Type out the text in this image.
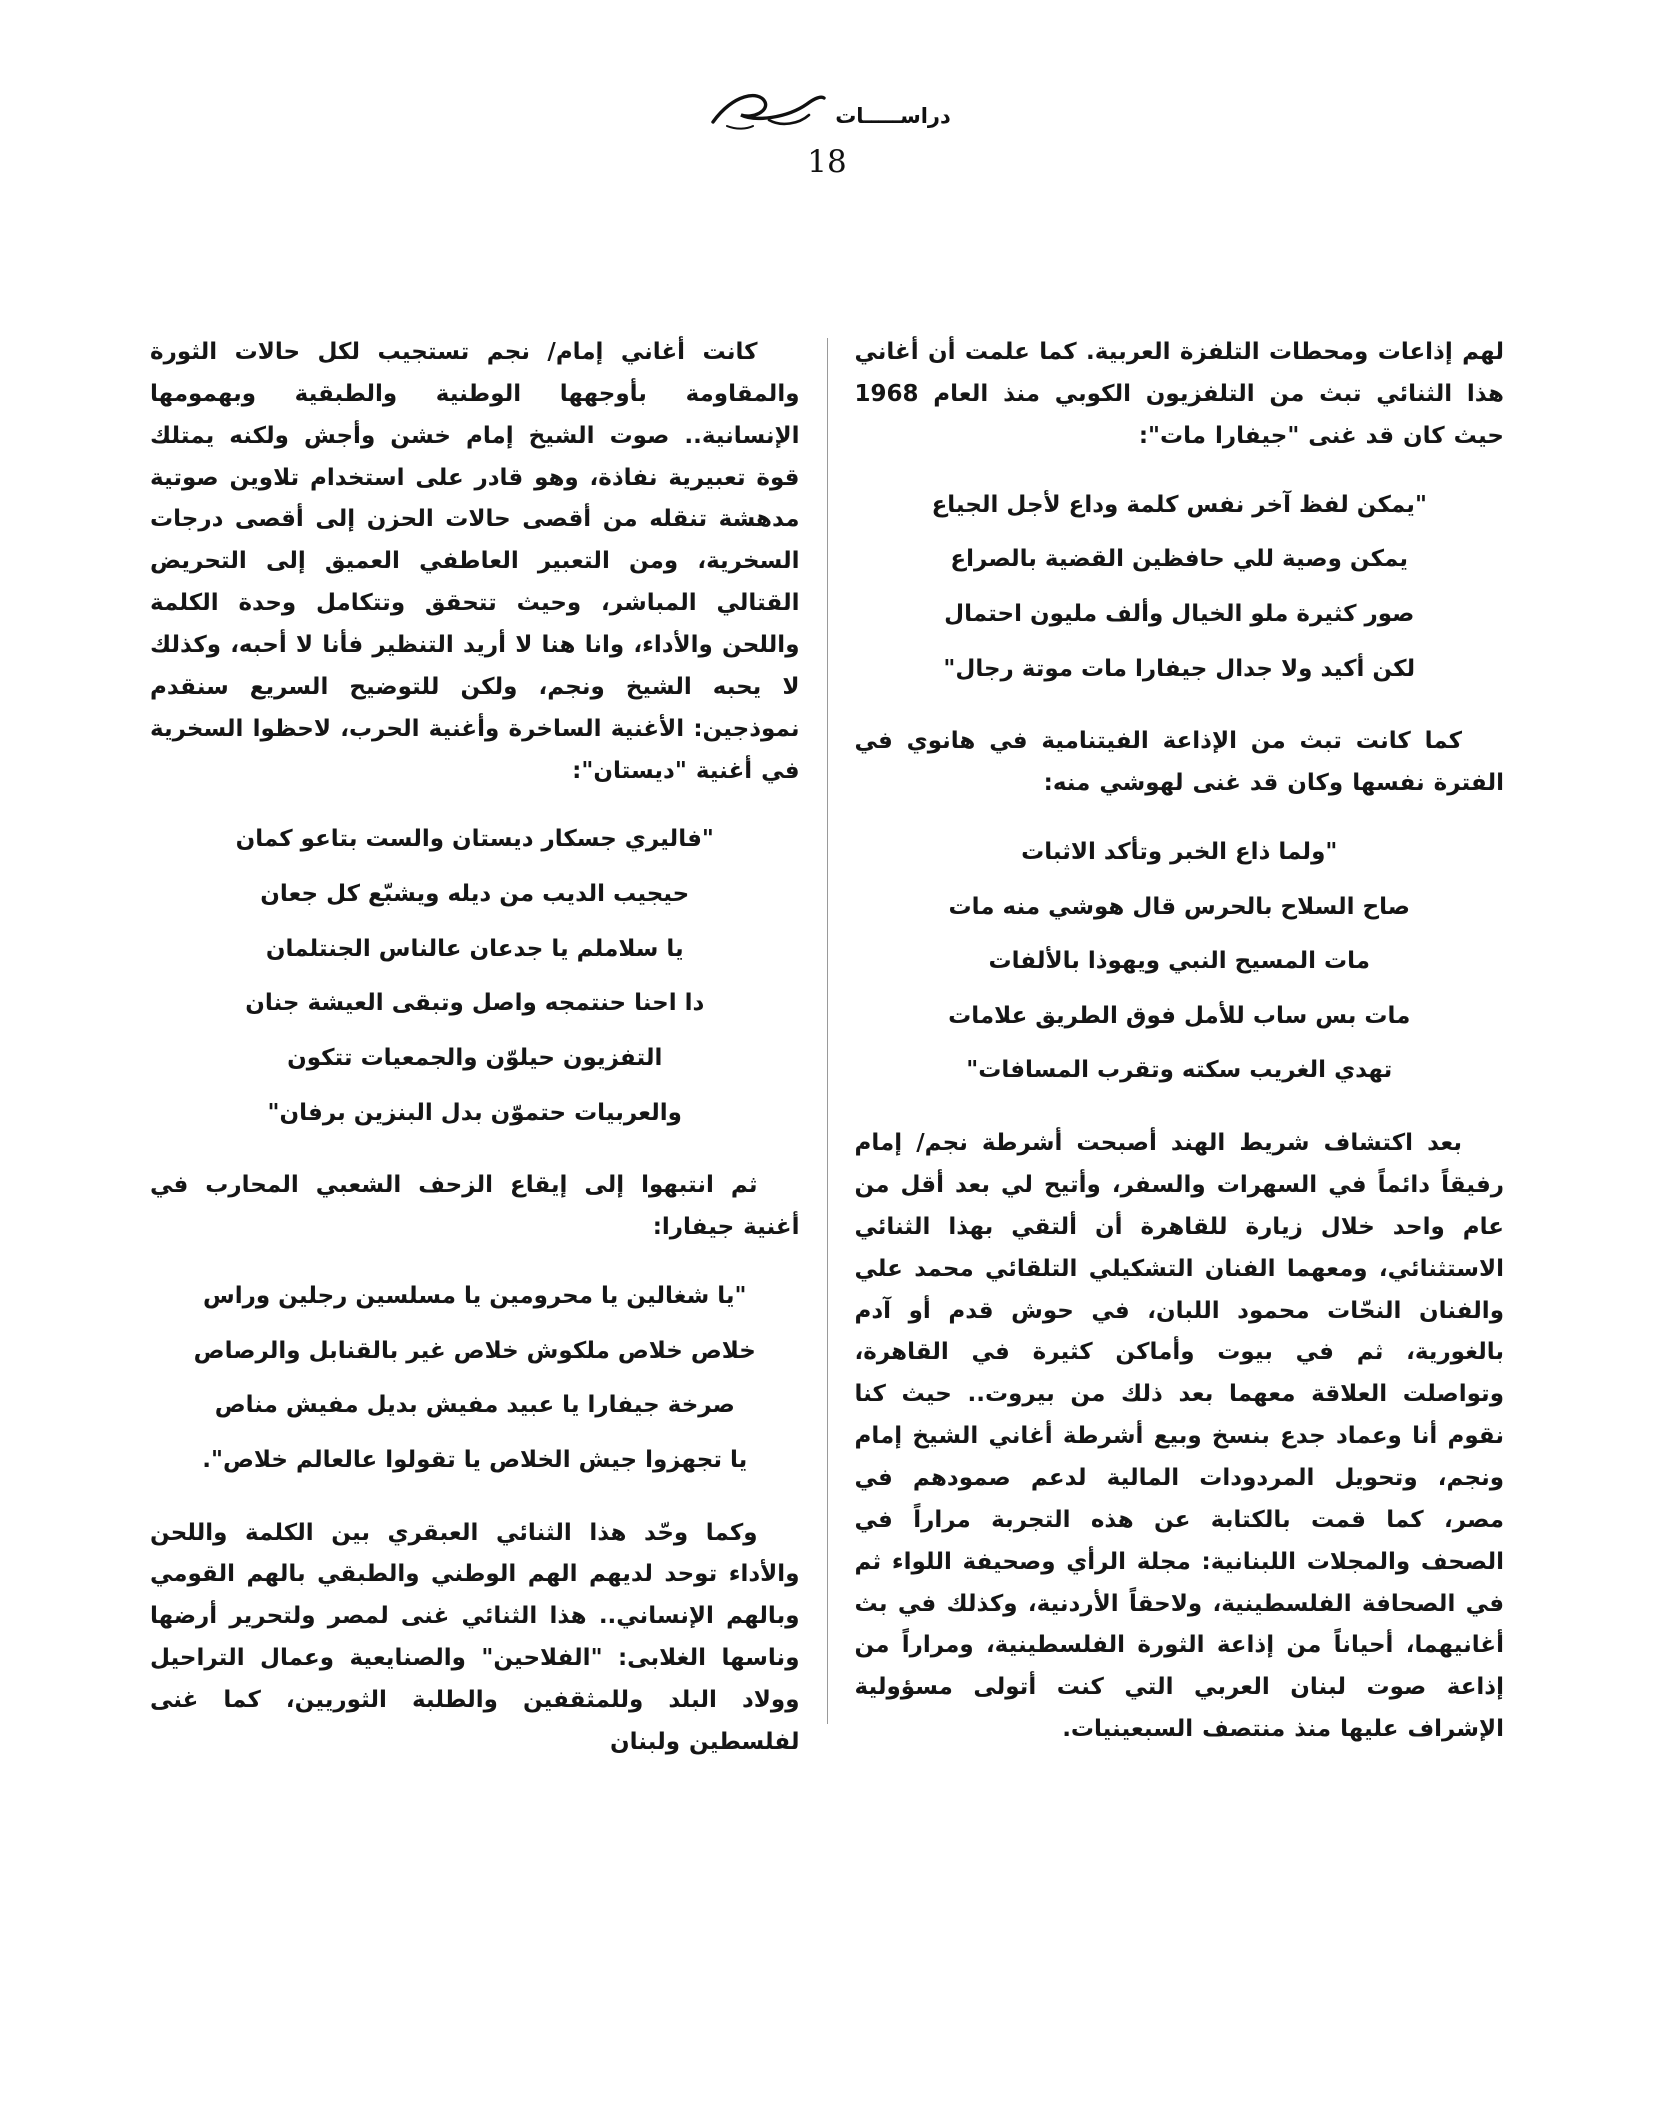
دراســـــات
18

لهم إذاعات ومحطات التلفزة العربية. كما علمت أن أغاني هذا الثنائي تبث من التلفزيون الكوبي منذ العام 1968 حيث كان قد غنى "جيفارا مات":

"يمكن لفظ آخر نفس كلمة وداع لأجل الجياع
يمكن وصية للي حافظين القضية بالصراع
صور كثيرة ملو الخيال وألف مليون احتمال
لكن أكيد ولا جدال جيفارا مات موتة رجال"

كما كانت تبث من الإذاعة الفيتنامية في هانوي في الفترة نفسها وكان قد غنى لهوشي منه:

"ولما ذاع الخبر وتأكد الاثبات
صاح السلاح بالحرس قال هوشي منه مات
مات المسيح النبي ويهوذا بالألفات
مات بس ساب للأمل فوق الطريق علامات
تهدي الغريب سكته وتقرب المسافات"

بعد اكتشاف شريط الهند أصبحت أشرطة نجم/ إمام رفيقاً دائماً في السهرات والسفر، وأتيح لي بعد أقل من عام واحد خلال زيارة للقاهرة أن ألتقي بهذا الثنائي الاستثنائي، ومعهما الفنان التشكيلي التلقائي محمد علي والفنان النحّات محمود اللبان، في حوش قدم أو آدم بالغورية، ثم في بيوت وأماكن كثيرة في القاهرة، وتواصلت العلاقة معهما بعد ذلك من بيروت.. حيث كنا نقوم أنا وعماد جدع بنسخ وبيع أشرطة أغاني الشيخ إمام ونجم، وتحويل المردودات المالية لدعم صمودهم في مصر، كما قمت بالكتابة عن هذه التجربة مراراً في الصحف والمجلات اللبنانية: مجلة الرأي وصحيفة اللواء ثم في الصحافة الفلسطينية، ولاحقاً الأردنية، وكذلك في بث أغانيهما، أحياناً من إذاعة الثورة الفلسطينية، ومراراً من إذاعة صوت لبنان العربي التي كنت أتولى مسؤولية الإشراف عليها منذ منتصف السبعينيات.

كانت أغاني إمام/ نجم تستجيب لكل حالات الثورة والمقاومة بأوجهها الوطنية والطبقية وبهمومها الإنسانية.. صوت الشيخ إمام خشن وأجش ولكنه يمتلك قوة تعبيرية نفاذة، وهو قادر على استخدام تلاوين صوتية مدهشة تنقله من أقصى حالات الحزن إلى أقصى درجات السخرية، ومن التعبير العاطفي العميق إلى التحريض القتالي المباشر، وحيث تتحقق وتتكامل وحدة الكلمة واللحن والأداء، وانا هنا لا أريد التنظير فأنا لا أحبه، وكذلك لا يحبه الشيخ ونجم، ولكن للتوضيح السريع سنقدم نموذجين: الأغنية الساخرة وأغنية الحرب، لاحظوا السخرية في أغنية "ديستان":

"فاليري جسكار ديستان والست بتاعو كمان
حيجيب الديب من ديله ويشبّع كل جعان
يا سلاملم يا جدعان عالناس الجنتلمان
دا احنا حنتمجه واصل وتبقى العيشة جنان
التفزيون حيلوّن والجمعيات تتكون
والعربيات حتموّن بدل البنزين برفان"

ثم انتبهوا إلى إيقاع الزحف الشعبي المحارب في أغنية جيفارا:

"يا شغالين يا محرومين يا مسلسين رجلين وراس
خلاص خلاص ملكوش خلاص غير بالقنابل والرصاص
صرخة جيفارا يا عبيد مفيش بديل مفيش مناص
يا تجهزوا جيش الخلاص يا تقولوا عالعالم خلاص".

وكما وحّد هذا الثنائي العبقري بين الكلمة واللحن والأداء توحد لديهم الهم الوطني والطبقي بالهم القومي وبالهم الإنساني.. هذا الثنائي غنى لمصر ولتحرير أرضها وناسها الغلابى: "الفلاحين" والصنايعية وعمال التراحيل وولاد البلد وللمثقفين والطلبة الثوريين، كما غنى لفلسطين ولبنان
